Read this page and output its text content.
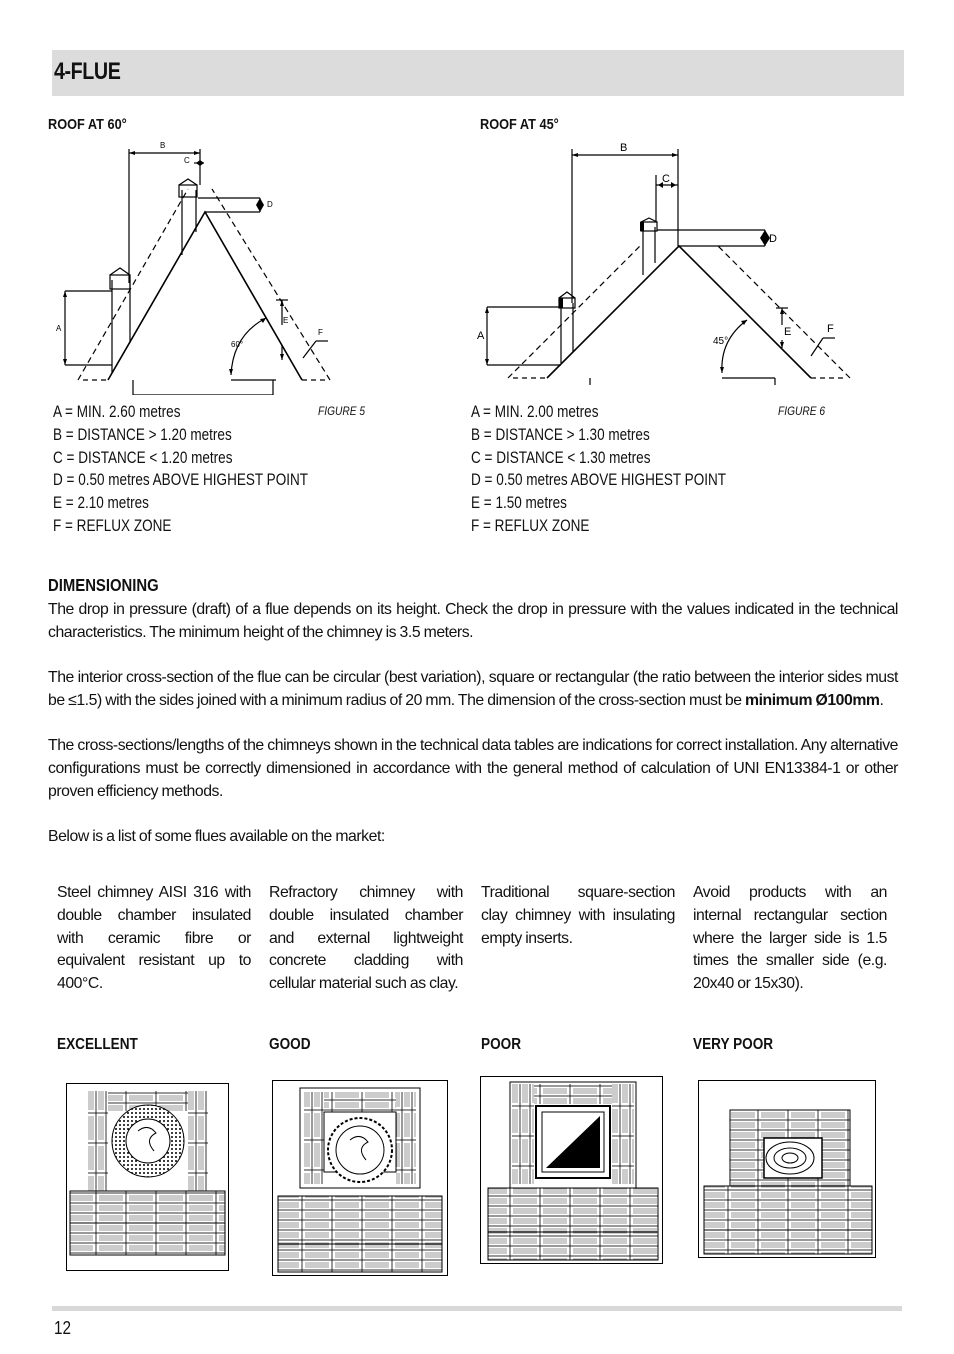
4-FLUE
ROOF AT 60°	ROOF AT 45°
B
C
D
A
E
F
60°
B
C
D
A	E	F
45°
FIGURE 5	FIGURE 6
A = MIN. 2.60 metres
B = DISTANCE > 1.20 metres
C = DISTANCE < 1.20 metres
D = 0.50 metres ABOVE HIGHEST POINT
E = 2.10 metres
F = REFLUX ZONE
A = MIN. 2.00 metres
B = DISTANCE > 1.30 metres
C = DISTANCE < 1.30 metres
D = 0.50 metres ABOVE HIGHEST POINT
E = 1.50 metres
F = REFLUX ZONE
DIMENSIONING
The drop in pressure (draft) of a flue depends on its height. Check the drop in pressure with the values indicated in the technical characteristics. The minimum height of the chimney is 3.5 meters.
The interior cross-section of the flue can be circular (best variation), square or rectangular (the ratio between the interior sides must be ≤1.5) with the sides joined with a minimum radius of 20 mm. The dimension of the cross-section must be minimum Ø100mm.
The cross-sections/lengths of the chimneys shown in the technical data tables are indications for correct installation. Any alternative configurations must be correctly dimensioned in accordance with the general method of calculation of UNI EN13384-1 or other proven efficiency methods.
Below is a list of some flues available on the market:
Steel chimney AISI 316 with double chamber insulated with ceramic fibre or equivalent resistant up to 400°C.
Refractory chimney with double insulated chamber and external lightweight concrete cladding with cellular material such as clay.
Traditional square-section clay chimney with insulating empty inserts.
Avoid products with an internal rectangular section where the larger side is 1.5 times the smaller side (e.g. 20x40 or 15x30).
EXCELLENT	GOOD	POOR	VERY POOR
12
